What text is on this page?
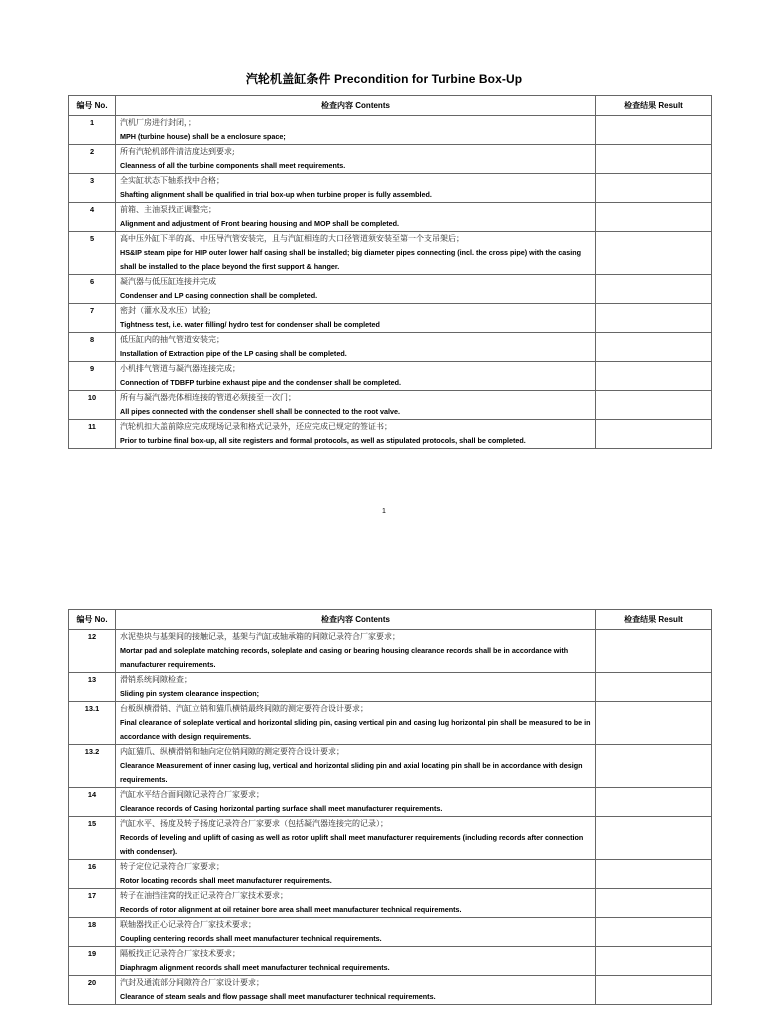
汽轮机盖缸条件 Precondition for Turbine Box-Up
编号 No.	检查内容 Contents	检查结果 Result
1	汽机厂房进行封闭，；
MPH (turbine house) shall be a enclosure space;	

2	所有汽轮机部件清洁度达到要求;
Cleanness of all the turbine components shall meet requirements.	

3	全实缸状态下轴系找中合格；
Shafting alignment shall be qualified in trial box-up when turbine proper is fully assembled.	

4	前箱、主油泵找正调整完；
Alignment and adjustment of Front bearing housing and MOP shall be completed.	

5	高中压外缸下半的高、中压导汽管安装完，且与汽缸相连的大口径管道须安装至第一个支吊架后；
HS&IP steam pipe for HIP outer lower half casing shall be installed; big diameter pipes connecting (incl. the cross pipe) with the casing shall be installed to the place beyond the first support & hanger.	

6	凝汽器与低压缸连接并完成
Condenser and LP casing connection shall be completed.	

7	密封（灌水及水压）试验;
Tightness test, i.e. water filling/ hydro test for condenser shall be completed	

8	低压缸内的抽气管道安装完；
Installation of Extraction pipe of the LP casing shall be completed.	

9	小机排气管道与凝汽器连接完成；
Connection of TDBFP turbine exhaust pipe and the condenser shall be completed.	

10	所有与凝汽器壳体相连接的管道必须接至一次门；
All pipes connected with the condenser shell shall be connected to the root valve.	

11	汽轮机扣大盖前除应完成现场记录和格式记录外，还应完成已规定的签证书；
Prior to turbine final box-up, all site registers and formal protocols, as well as stipulated protocols, shall be completed.	

1
编号 No.	检查内容 Contents	检查结果 Result
12	水泥垫块与基架间的接触记录，基架与汽缸或轴承箱的间隙记录符合厂家要求；
Mortar pad and soleplate matching records, soleplate and casing or bearing housing clearance records shall be in accordance with manufacturer requirements.	

13	滑销系统间隙检查；
Sliding pin system clearance inspection;	

13.1	台板纵横滑销、汽缸立销和猫爪横销最终间隙的测定要符合设计要求；
Final clearance of soleplate vertical and horizontal sliding pin, casing vertical pin and casing lug horizontal pin shall be measured to be in accordance with design requirements.	

13.2	内缸猫爪、纵横滑销和轴向定位销间隙的测定要符合设计要求；
Clearance Measurement of inner casing lug, vertical and horizontal sliding pin and axial locating pin shall be in accordance with design requirements.	

14	汽缸水平结合面间隙记录符合厂家要求；
Clearance records of Casing horizontal parting surface shall meet manufacturer requirements.	

15	汽缸水平、扬度及转子扬度记录符合厂家要求（包括凝汽器连接完的记录）；
Records of leveling and uplift of casing as well as rotor uplift shall meet manufacturer requirements (including records after connection with condenser).	

16	转子定位记录符合厂家要求；
Rotor locating records shall meet manufacturer requirements.	

17	转子在油挡洼窝的找正记录符合厂家技术要求；
Records of rotor alignment at oil retainer bore area shall meet manufacturer technical requirements.	

18	联轴器找正心记录符合厂家技术要求；
Coupling centering records shall meet manufacturer technical requirements.	

19	隔板找正记录符合厂家技术要求；
Diaphragm alignment records shall meet manufacturer technical requirements.	

20	汽封及通流部分间隙符合厂家设计要求；
Clearance of steam seals and flow passage shall meet manufacturer technical requirements.	
